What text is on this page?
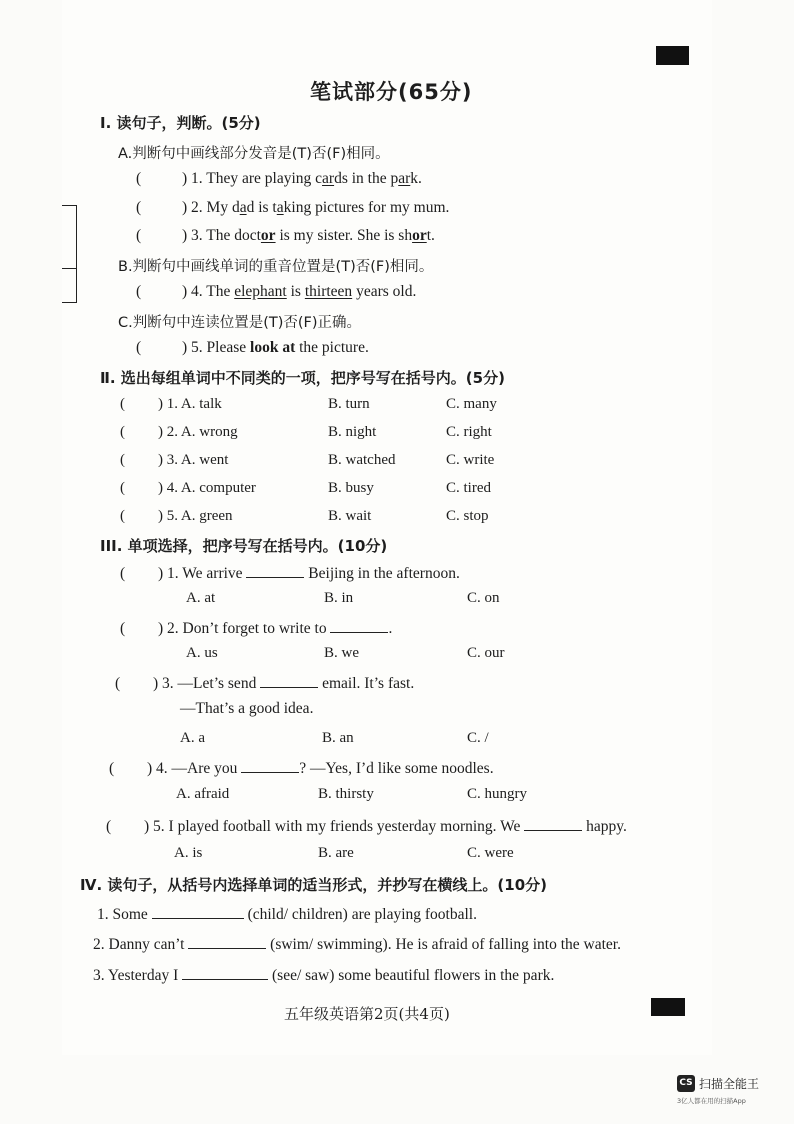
笔试部分(65分)
Ⅰ. 读句子，判断。(5分)
A.判断句中画线部分发音是(T)否(F)相同。
(	) 1. They are playing cards in the park.
(	) 2. My dad is taking pictures for my mum.
(	) 3. The doctor is my sister. She is short.
B.判断句中画线单词的重音位置是(T)否(F)相同。
(	) 4. The elephant is thirteen years old.
C.判断句中连读位置是(T)否(F)正确。
(	) 5. Please look at the picture.
Ⅱ. 选出每组单词中不同类的一项，把序号写在括号内。(5分)
( ) 1. A. talk	B. turn	C. many
( ) 2. A. wrong	B. night	C. right
( ) 3. A. went	B. watched	C. write
( ) 4. A. computer	B. busy	C. tired
( ) 5. A. green	B. wait	C. stop
III. 单项选择，把序号写在括号内。(10分)
( ) 1. We arrive	Beijing in the afternoon.
A. at	B. in	C. on
( ) 2. Don’t forget to write to	.
A. us	B. we	C. our
( ) 3. —Let’s send	email. It’s fast.
—That’s a good idea.
A. a	B. an	C. /
( ) 4. —Are you	? —Yes, I’d like some noodles.
A. afraid	B. thirsty	C. hungry
( ) 5. I played football with my friends yesterday morning. We	happy.
A. is	B. are	C. were
Ⅳ. 读句子，从括号内选择单词的适当形式，并抄写在横线上。(10分)
1. Some	(child/ children) are playing football.
2. Danny can’t	(swim/ swimming). He is afraid of falling into the water.
3. Yesterday I	(see/ saw) some beautiful flowers in the park.
五年级英语第2页(共4页)
CS 扫描全能王
3亿人都在用的扫描App
